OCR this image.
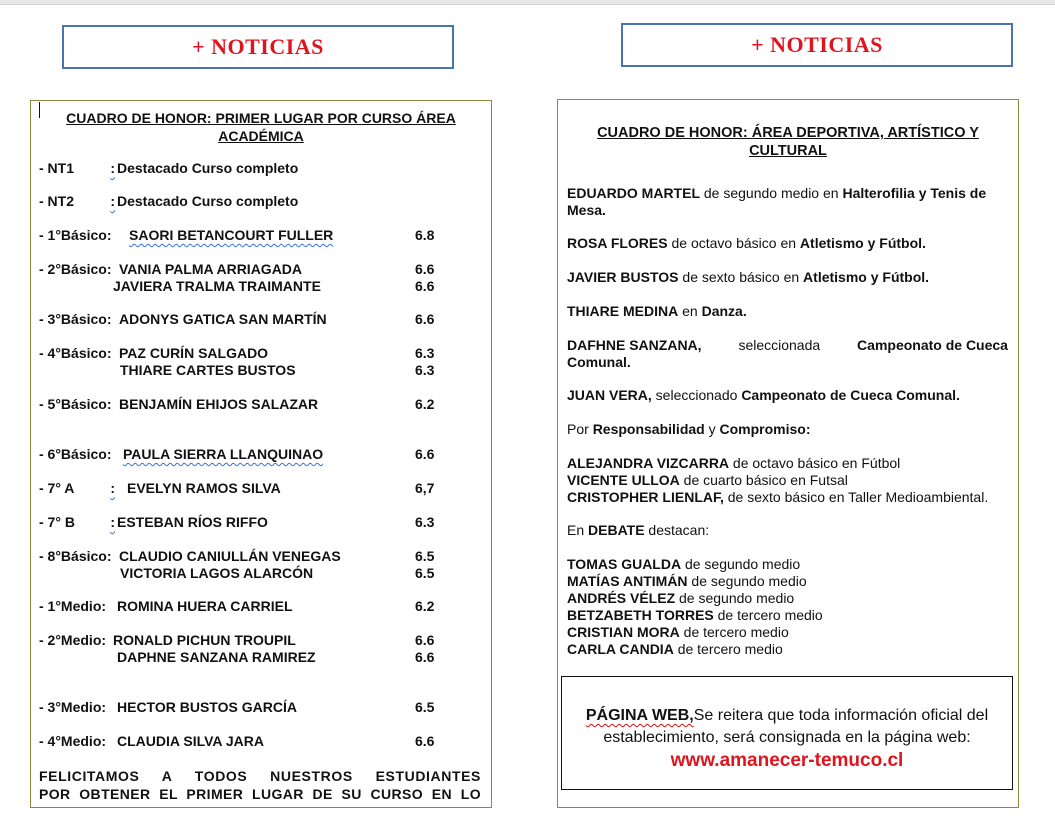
+ NOTICIAS	+ NOTICIAS
CUADRO DE HONOR: PRIMER LUGAR POR CURSO ÁREA
ACADÉMICA
- NT1	: Destacado Curso completo
- NT2	: Destacado Curso completo
- 1°Básico: SAORI BETANCOURT FULLER	6.8
- 2°Básico: VANIA PALMA ARRIAGADA	6.6
JAVIERA TRALMA TRAIMANTE	6.6
- 3°Básico: ADONYS GATICA SAN MARTÍN	6.6
- 4°Básico: PAZ CURÍN SALGADO	6.3
THIARE CARTES BUSTOS	6.3
- 5°Básico: BENJAMÍN EHIJOS SALAZAR	6.2
- 6°Básico: PAULA SIERRA LLANQUINAO	6.6
- 7° A	: EVELYN RAMOS SILVA	6,7
- 7° B	: ESTEBAN RÍOS RIFFO	6.3
- 8°Básico: CLAUDIO CANIULLÁN VENEGAS	6.5
VICTORIA LAGOS ALARCÓN	6.5
- 1°Medio: ROMINA HUERA CARRIEL	6.2
- 2°Medio: RONALD PICHUN TROUPIL	6.6
DAPHNE SANZANA RAMIREZ	6.6
- 3°Medio: HECTOR BUSTOS GARCÍA	6.5
- 4°Medio: CLAUDIA SILVA JARA	6.6
FELICITAMOS A TODOS NUESTROS ESTUDIANTES
POR OBTENER EL PRIMER LUGAR DE SU CURSO EN LO
CUADRO DE HONOR: ÁREA DEPORTIVA, ARTÍSTICO Y
CULTURAL
EDUARDO MARTEL de segundo medio en Halterofilia y Tenis de
Mesa.
ROSA FLORES de octavo básico en Atletismo y Fútbol.
JAVIER BUSTOS de sexto básico en Atletismo y Fútbol.
THIARE MEDINA en Danza.
DAFHNE SANZANA,	seleccionada	Campeonato de Cueca
Comunal.
JUAN VERA, seleccionado Campeonato de Cueca Comunal.
Por Responsabilidad y Compromiso:
ALEJANDRA VIZCARRA de octavo básico en Fútbol
VICENTE ULLOA de cuarto básico en Futsal
CRISTOPHER LIENLAF, de sexto básico en Taller Medioambiental.
En DEBATE destacan:
TOMAS GUALDA de segundo medio
MATÍAS ANTIMÁN de segundo medio
ANDRÉS VÉLEZ de segundo medio
BETZABETH TORRES de tercero medio
CRISTIAN MORA de tercero medio
CARLA CANDIA de tercero medio
PÁGINA WEB,Se reitera que toda información oficial del
establecimiento, será consignada en la página web:
www.amanecer-temuco.cl
